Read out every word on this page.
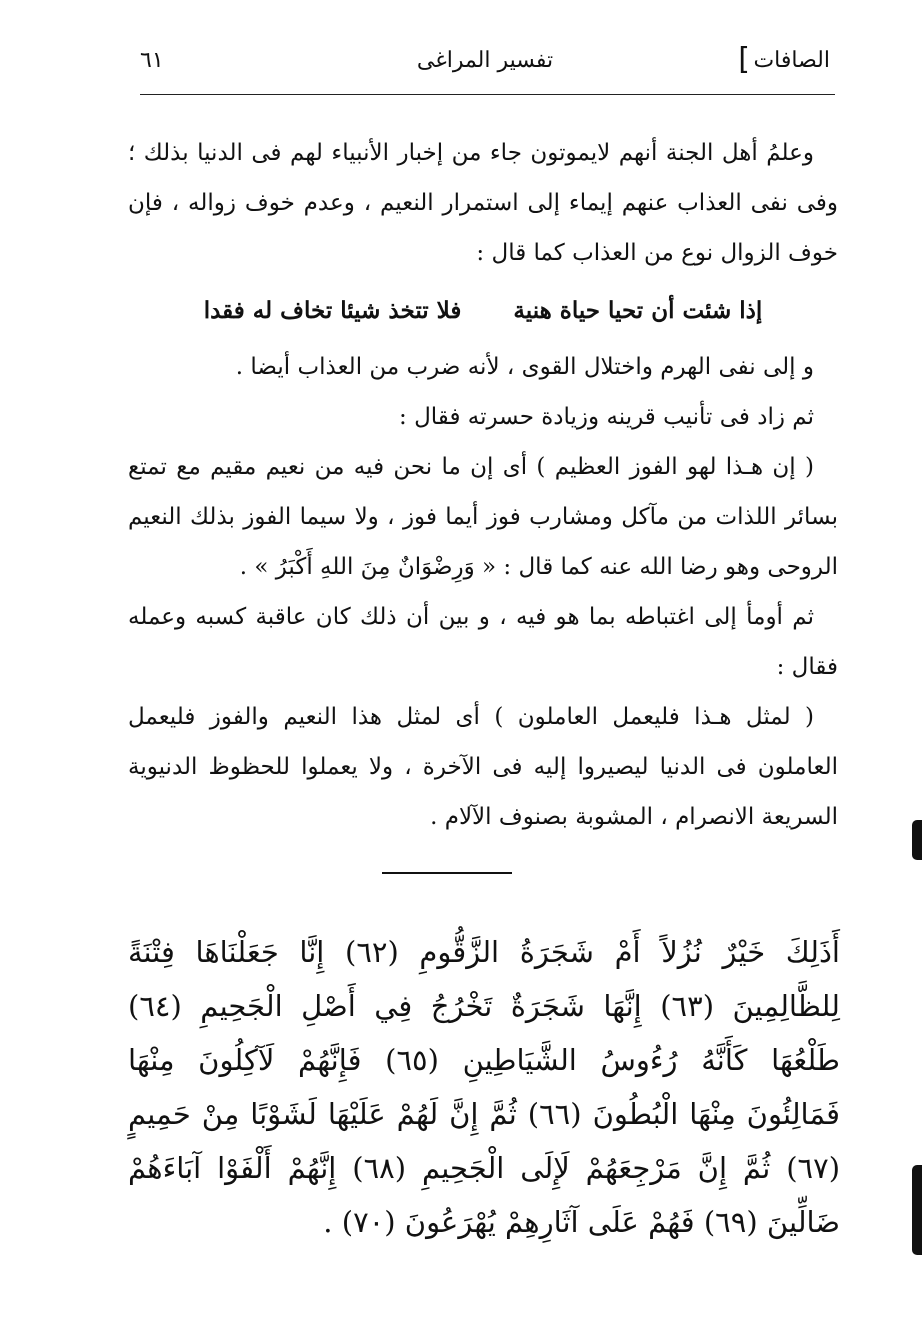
الصافات
]
تفسير المراغى
٦١

وعلمُ أهل الجنة أنهم لايموتون جاء من إخبار الأنبياء لهم فى الدنيا بذلك ؛ وفى نفى العذاب عنهم إيماء إلى استمرار النعيم ، وعدم خوف زواله ، فإن خوف الزوال نوع من العذاب كما قال :

إذا شئت أن تحيا حياة هنية فلا تتخذ شيئا تخاف له فقدا

و إلى نفى الهرم واختلال القوى ، لأنه ضرب من العذاب أيضا .

ثم زاد فى تأنيب قرينه وزيادة حسرته فقال :

( إن هـذا لهو الفوز العظيم ) أى إن ما نحن فيه من نعيم مقيم مع تمتع بسائر اللذات من مآكل ومشارب فوز أيما فوز ، ولا سيما الفوز بذلك النعيم الروحى وهو رضا الله عنه كما قال : « وَرِضْوَانٌ مِنَ اللهِ أَكْبَرُ » .

ثم أومأ إلى اغتباطه بما هو فيه ، و بين أن ذلك كان عاقبة كسبه وعمله فقال :

( لمثل هـذا فليعمل العاملون ) أى لمثل هذا النعيم والفوز فليعمل العاملون فى الدنيا ليصيروا إليه فى الآخرة ، ولا يعملوا للحظوظ الدنيوية السريعة الانصرام ، المشوبة بصنوف الآلام .

أَذَلِكَ خَيْرٌ نُزُلاً أَمْ شَجَرَةُ الزَّقُّومِ (٦٢) إِنَّا جَعَلْنَاهَا فِتْنَةً لِلظَّالِمِينَ (٦٣) إِنَّهَا شَجَرَةٌ تَخْرُجُ فِي أَصْلِ الْجَحِيمِ (٦٤) طَلْعُهَا كَأَنَّهُ رُءُوسُ الشَّيَاطِينِ (٦٥) فَإِنَّهُمْ لَآكِلُونَ مِنْهَا فَمَالِئُونَ مِنْهَا الْبُطُونَ (٦٦) ثُمَّ إِنَّ لَهُمْ عَلَيْهَا لَشَوْبًا مِنْ حَمِيمٍ (٦٧) ثُمَّ إِنَّ مَرْجِعَهُمْ لَإِلَى الْجَحِيمِ (٦٨) إِنَّهُمْ أَلْفَوْا آبَاءَهُمْ ضَالِّينَ (٦٩) فَهُمْ عَلَى آثَارِهِمْ يُهْرَعُونَ (٧٠) .
